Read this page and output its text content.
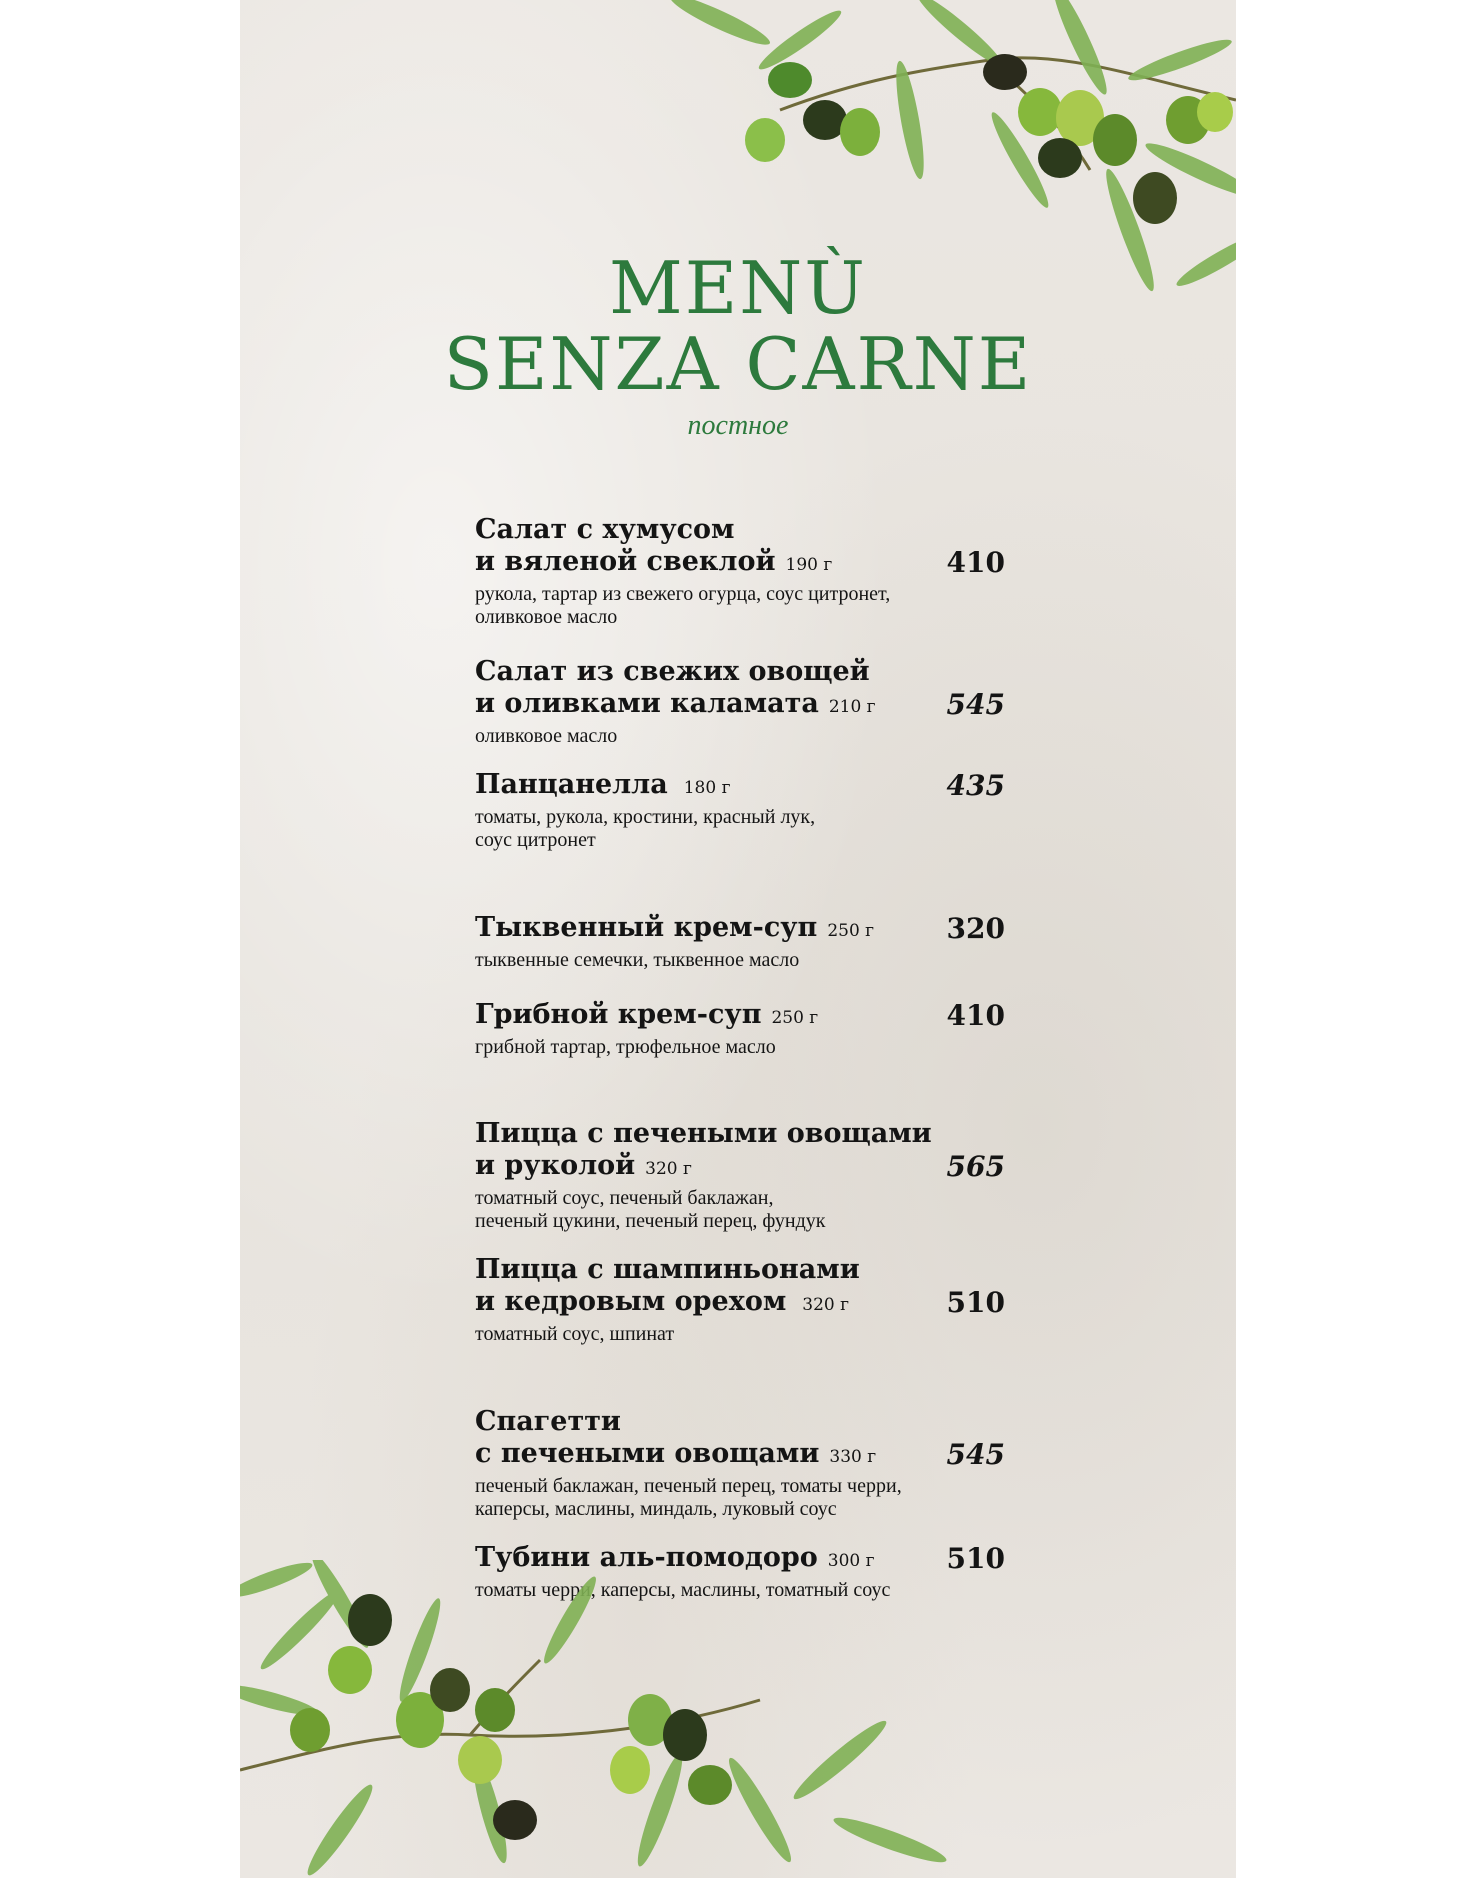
MENÙ
SENZA CARNE
постное
Салат с хумусом
и вяленой свеклой 190 г	410
рукола, тартар из свежего огурца, соус цитронет,
оливковое масло
Салат из свежих овощей
и оливками каламата 210 г	545
оливковое масло
Панцанелла 180 г	435
томаты, рукола, кростини, красный лук,
соус цитронет
Тыквенный крем-суп 250 г	320
тыквенные семечки, тыквенное масло
Грибной крем-суп 250 г	410
грибной тартар, трюфельное масло
Пицца с печеными овощами
и руколой 320 г	565
томатный соус, печеный баклажан,
печеный цукини, печеный перец, фундук
Пицца с шампиньонами
и кедровым орехом 320 г	510
томатный соус, шпинат
Спагетти
с печеными овощами 330 г	545
печеный баклажан, печеный перец, томаты черри,
каперсы, маслины, миндаль, луковый соус
Тубини аль-помодоро 300 г	510
томаты черри, каперсы, маслины, томатный соус
